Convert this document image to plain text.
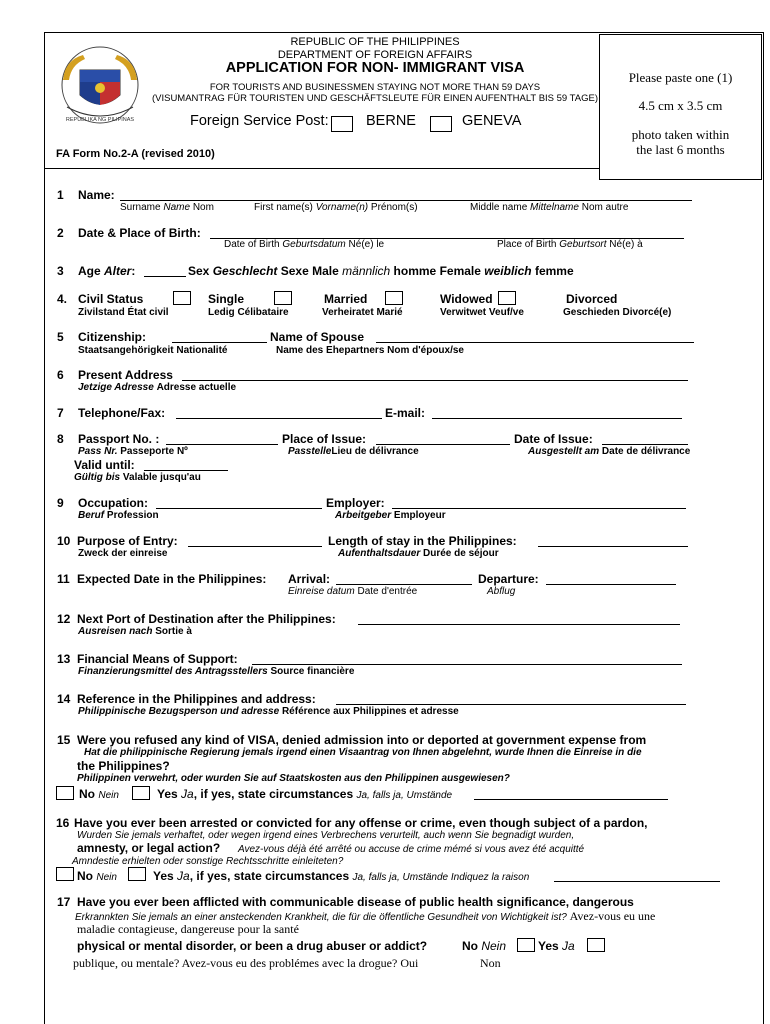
REPUBLIKA NG PILIPINAS
REPUBLIC OF THE PHILIPPINES
DEPARTMENT OF FOREIGN AFFAIRS
APPLICATION FOR NON- IMMIGRANT VISA
FOR TOURISTS AND BUSINESSMEN STAYING NOT MORE THAN 59 DAYS
(VISUMANTRAG FÜR TOURISTEN UND GESCHÄFTSLEUTE FÜR EINEN AUFENTHALT BIS 59 TAGE)
Foreign Service Post:	BERNE	GENEVA
FA Form No.2-A (revised 2010)
Please paste one (1)
4.5 cm x 3.5 cm
photo taken within
the last 6 months
1 Name:
Surname Name Nom	First name(s) Vorname(n) Prénom(s)	Middle name Mittelname Nom autre
2 Date & Place of Birth:
Date of Birth Geburtsdatum Né(e) le	Place of Birth Geburtsort Né(e) à
3 Age Alter:	Sex Geschlecht Sexe Male männlich homme Female weiblich femme
4. Civil Status
Zivilstand État civil
Single
Ledig Célibataire
Married
Verheiratet Marié
Widowed
Verwitwet Veuf/ve
Divorced
Geschieden Divorcé(e)
5 Citizenship:
Staatsangehörigkeit Nationalité
Name of Spouse
Name des Ehepartners Nom d'époux/se
6 Present Address
Jetzige Adresse Adresse actuelle
7 Telephone/Fax:	E-mail:
8 Passport No. :
Pass Nr. Passeporte Nº
Place of Issue:
PasstelleLieu de délivrance
Date of Issue:
Ausgestellt am Date de délivrance
Valid until:
Gültig bis Valable jusqu'au
9 Occupation:
Beruf Profession
Employer:
Arbeitgeber Employeur
10 Purpose of Entry:
Zweck der einreise
Length of stay in the Philippines:
Aufenthaltsdauer Durée de séjour
11 Expected Date in the Philippines: Arrival:
Einreise datum Date d'entrée
Departure:
Abflug
12 Next Port of Destination after the Philippines:
Ausreisen nach Sortie à
13 Financial Means of Support:
Finanzierungsmittel des Antragsstellers Source financière
14 Reference in the Philippines and address:
Philippinische Bezugsperson und adresse Référence aux Philippines et adresse
15 Were you refused any kind of VISA, denied admission into or deported at government expense from
Hat die philippinische Regierung jemals irgend einen Visaantrag von Ihnen abgelehnt, wurde Ihnen die Einreise in die
the Philippines?
Philippinen verwehrt, oder wurden Sie auf Staatskosten aus den Philippinen ausgewiesen?
No Nein	Yes Ja, if yes, state circumstances Ja, falls ja, Umstände
16 Have you ever been arrested or convicted for any offense or crime, even though subject of a pardon,
Wurden Sie jemals verhaftet, oder wegen irgend eines Verbrechens verurteilt, auch wenn Sie begnadigt wurden,
amnesty, or legal action? Avez-vous déjà été arrêté ou accuse de crime mémé si vous avez été acquitté
Amndestie erhielten oder sonstige Rechtsschritte einleiteten?
No Nein	Yes Ja, if yes, state circumstances Ja, falls ja, Umstände Indiquez la raison
17 Have you ever been afflicted with communicable disease of public health significance, dangerous
Erkrannkten Sie jemals an einer ansteckenden Krankheit, die für die öffentliche Gesundheit von Wichtigkeit ist? Avez-vous eu une
maladie contagieuse, dangereuse pour la santé
physical or mental disorder, or been a drug abuser or addict?	No Nein	Yes Ja
publique, ou mentale? Avez-vous eu des problémes avec la drogue? Oui	Non
